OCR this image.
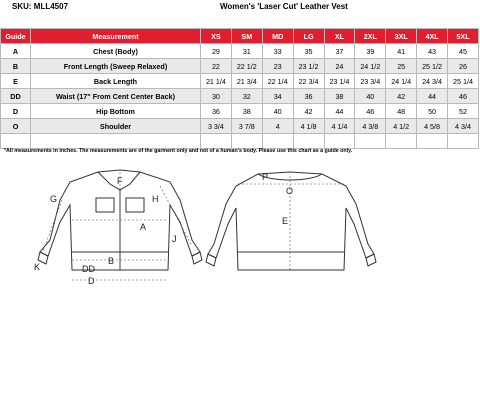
SKU: MLL4507	Women's 'Laser Cut' Leather Vest
Guide	Measurement	XS	SM	MD	LG	XL	2XL	3XL	4XL	5XL
A	Chest (Body)	29	31	33	35	37	39	41	43	45
B	Front Length (Sweep Relaxed)	22	22 1/2	23	23 1/2	24	24 1/2	25	25 1/2	26
E	Back Length	21 1/4	21 3/4	22 1/4	22 3/4	23 1/4	23 3/4	24 1/4	24 3/4	25 1/4
DD	Waist (17" From Cent Center Back)	30	32	34	36	38	40	42	44	46
D	Hip Bottom	36	38	40	42	44	46	48	50	52
O	Shoulder	3 3/4	3 7/8	4	4 1/8	4 1/4	4 3/8	4 1/2	4 5/8	4 3/4

*All measurements in inches. The measurements are of the garment only and not of a human's body. Please use this chart as a guide only.
F
G	H
A
J
K
B
DD
D
P
O
E
